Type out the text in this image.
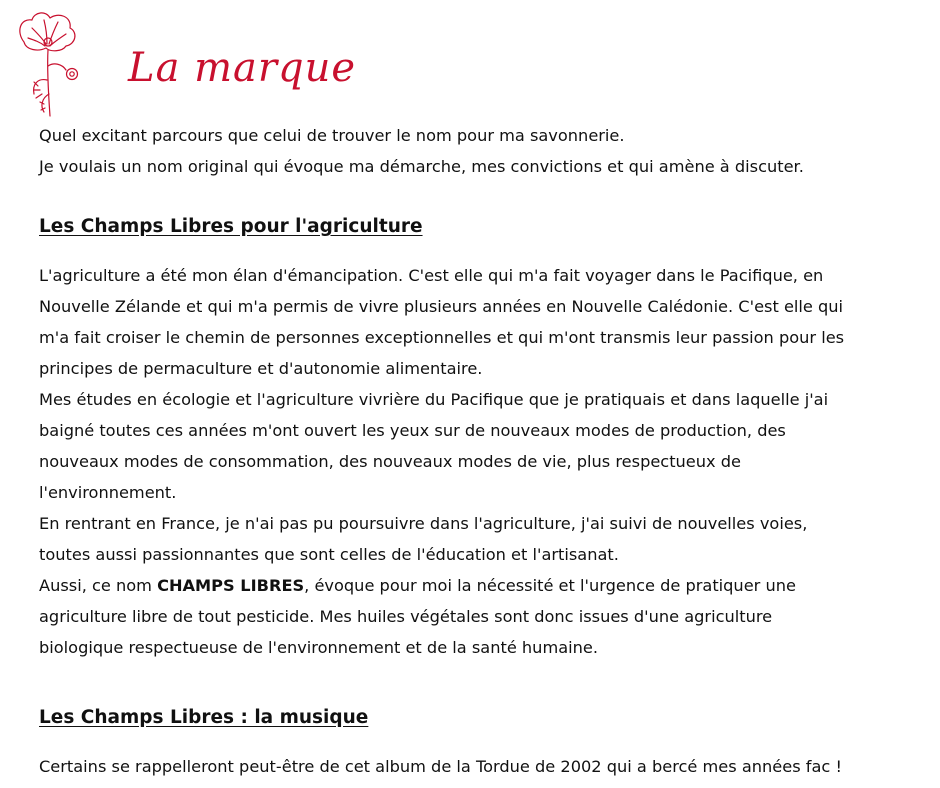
La marque
Quel excitant parcours que celui de trouver le nom pour ma savonnerie.
Je voulais un nom original qui évoque ma démarche, mes convictions et qui amène à discuter.
Les Champs Libres pour l'agriculture
L'agriculture a été mon élan d'émancipation. C'est elle qui m'a fait voyager dans le Pacifique, en
Nouvelle Zélande et qui m'a permis de vivre plusieurs années en Nouvelle Calédonie. C'est elle qui
m'a fait croiser le chemin de personnes exceptionnelles et qui m'ont transmis leur passion pour les
principes de permaculture et d'autonomie alimentaire.
Mes études en écologie et l'agriculture vivrière du Pacifique que je pratiquais et dans laquelle j'ai
baigné toutes ces années m'ont ouvert les yeux sur de nouveaux modes de production, des
nouveaux modes de consommation, des nouveaux modes de vie, plus respectueux de
l'environnement.
En rentrant en France, je n'ai pas pu poursuivre dans l'agriculture, j'ai suivi de nouvelles voies,
toutes aussi passionnantes que sont celles de l'éducation et l'artisanat.
Aussi, ce nom CHAMPS LIBRES, évoque pour moi la nécessité et l'urgence de pratiquer une
agriculture libre de tout pesticide. Mes huiles végétales sont donc issues d'une agriculture
biologique respectueuse de l'environnement et de la santé humaine.
Les Champs Libres : la musique
Certains se rappelleront peut-être de cet album de la Tordue de 2002 qui a bercé mes années fac !
